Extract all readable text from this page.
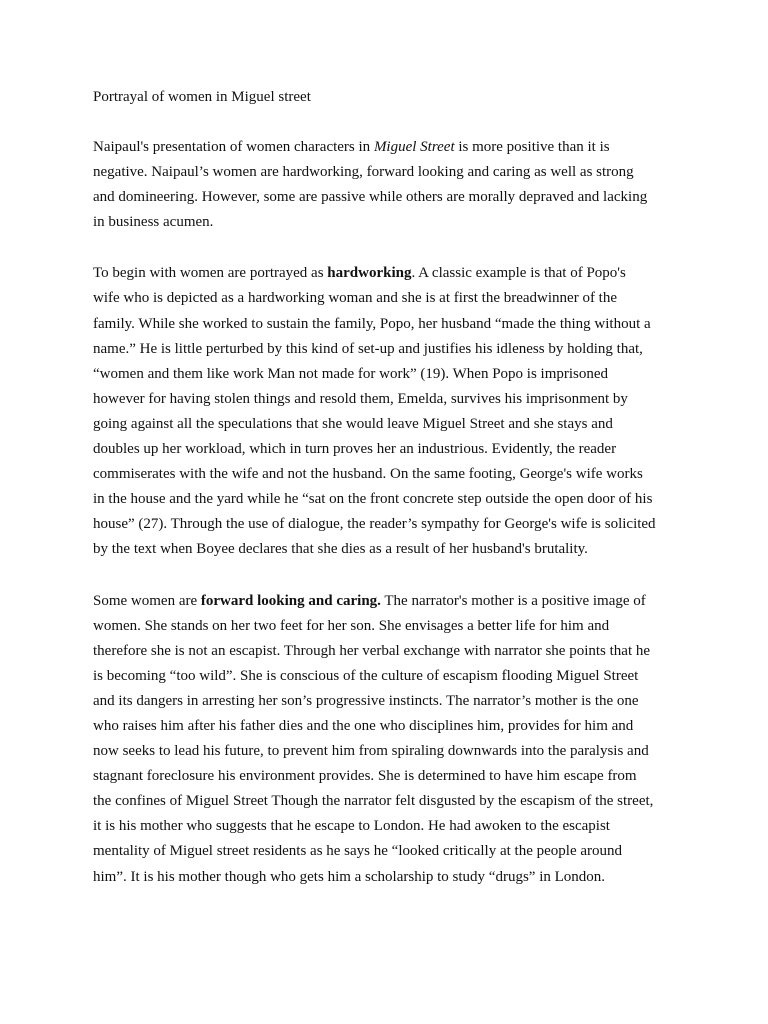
Portrayal of women in Miguel street
Naipaul's presentation of women characters in Miguel Street is more positive than it is
negative. Naipaul’s women are hardworking, forward looking and caring as well as strong
and domineering. However, some are passive while others are morally depraved and lacking
in business acumen.
To begin with women are portrayed as hardworking. A classic example is that of Popo's
wife who is depicted as a hardworking woman and she is at first the breadwinner of the
family. While she worked to sustain the family, Popo, her husband “made the thing without a
name.” He is little perturbed by this kind of set-up and justifies his idleness by holding that,
“women and them like work Man not made for work” (19). When Popo is imprisoned
however for having stolen things and resold them, Emelda, survives his imprisonment by
going against all the speculations that she would leave Miguel Street and she stays and
doubles up her workload, which in turn proves her an industrious. Evidently, the reader
commiserates with the wife and not the husband. On the same footing, George's wife works
in the house and the yard while he “sat on the front concrete step outside the open door of his
house” (27). Through the use of dialogue, the reader’s sympathy for George's wife is solicited
by the text when Boyee declares that she dies as a result of her husband's brutality.
Some women are forward looking and caring. The narrator's mother is a positive image of
women. She stands on her two feet for her son. She envisages a better life for him and
therefore she is not an escapist. Through her verbal exchange with narrator she points that he
is becoming “too wild”. She is conscious of the culture of escapism flooding Miguel Street
and its dangers in arresting her son’s progressive instincts. The narrator’s mother is the one
who raises him after his father dies and the one who disciplines him, provides for him and
now seeks to lead his future, to prevent him from spiraling downwards into the paralysis and
stagnant foreclosure his environment provides. She is determined to have him escape from
the confines of Miguel Street Though the narrator felt disgusted by the escapism of the street,
it is his mother who suggests that he escape to London. He had awoken to the escapist
mentality of Miguel street residents as he says he “looked critically at the people around
him”. It is his mother though who gets him a scholarship to study “drugs” in London.
